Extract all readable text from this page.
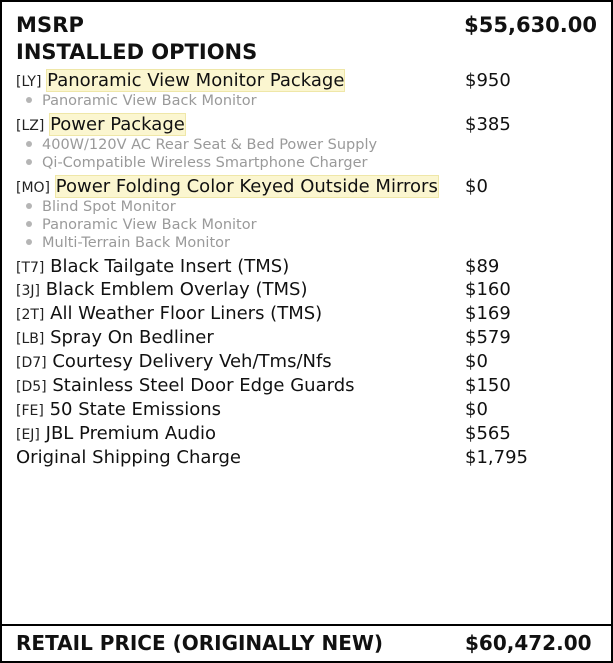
MSRP	$55,630.00
INSTALLED OPTIONS
[LY] Panoramic View Monitor Package	$950
Panoramic View Back Monitor
[LZ] Power Package	$385
400W/120V AC Rear Seat & Bed Power Supply
Qi-Compatible Wireless Smartphone Charger
[MO] Power Folding Color Keyed Outside Mirrors	$0
Blind Spot Monitor
Panoramic View Back Monitor
Multi-Terrain Back Monitor
[T7] Black Tailgate Insert (TMS)	$89
[3J] Black Emblem Overlay (TMS)	$160
[2T] All Weather Floor Liners (TMS)	$169
[LB] Spray On Bedliner	$579
[D7] Courtesy Delivery Veh/Tms/Nfs	$0
[D5] Stainless Steel Door Edge Guards	$150
[FE] 50 State Emissions	$0
[EJ] JBL Premium Audio	$565
Original Shipping Charge	$1,795
RETAIL PRICE (ORIGINALLY NEW)	$60,472.00
